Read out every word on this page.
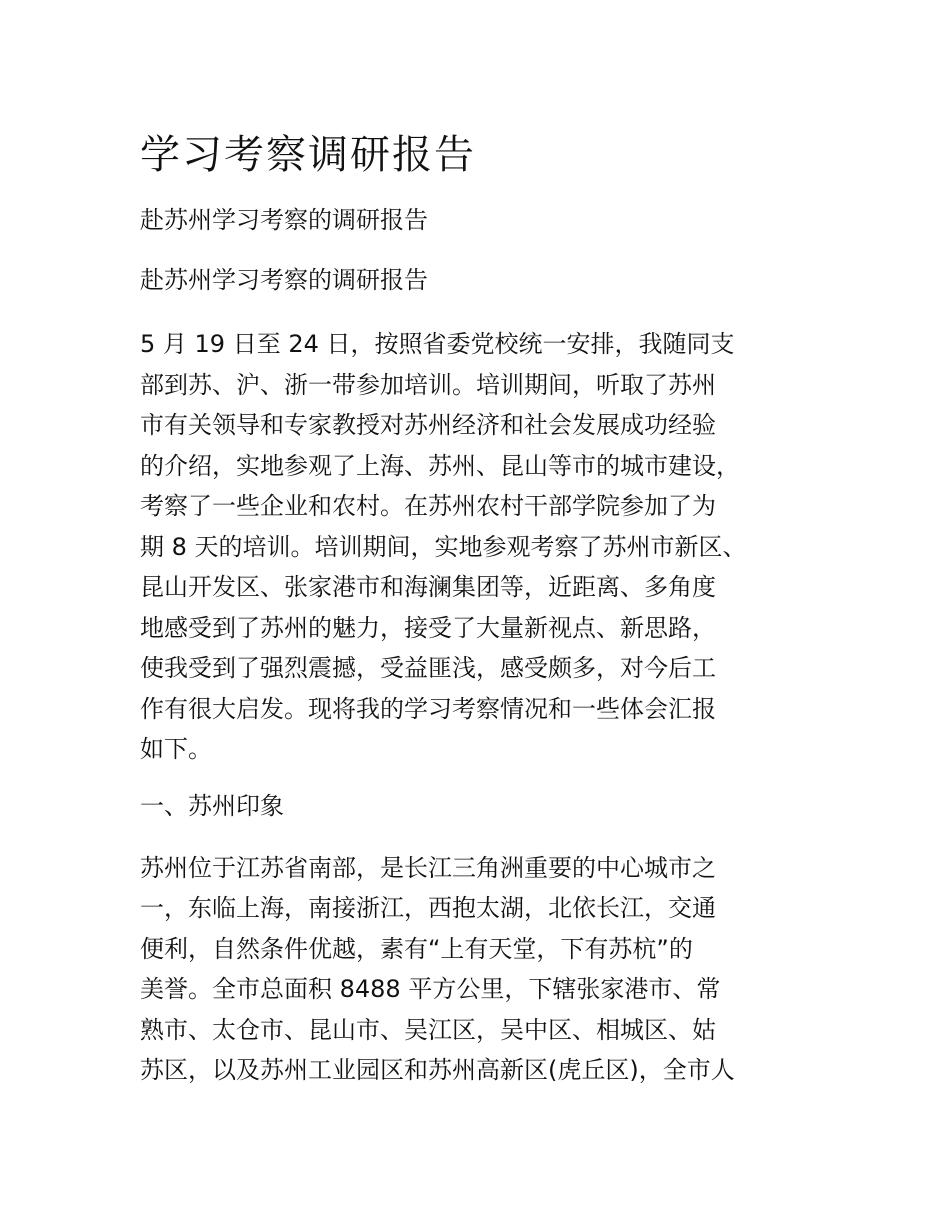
学习考察调研报告
赴苏州学习考察的调研报告
赴苏州学习考察的调研报告
5 月 19 日至 24 日，按照省委党校统一安排，我随同支
部到苏、沪、浙一带参加培训。培训期间，听取了苏州
市有关领导和专家教授对苏州经济和社会发展成功经验
的介绍，实地参观了上海、苏州、昆山等市的城市建设，
考察了一些企业和农村。在苏州农村干部学院参加了为
期 8 天的培训。培训期间，实地参观考察了苏州市新区、
昆山开发区、张家港市和海澜集团等，近距离、多角度
地感受到了苏州的魅力，接受了大量新视点、新思路，
使我受到了强烈震撼，受益匪浅，感受颇多，对今后工
作有很大启发。现将我的学习考察情况和一些体会汇报
如下。
一、苏州印象
苏州位于江苏省南部，是长江三角洲重要的中心城市之
一，东临上海，南接浙江，西抱太湖，北依长江，交通
便利，自然条件优越，素有“上有天堂，下有苏杭”的
美誉。全市总面积 8488 平方公里，下辖张家港市、常
熟市、太仓市、昆山市、吴江区，吴中区、相城区、姑
苏区，以及苏州工业园区和苏州高新区(虎丘区)，全市人
